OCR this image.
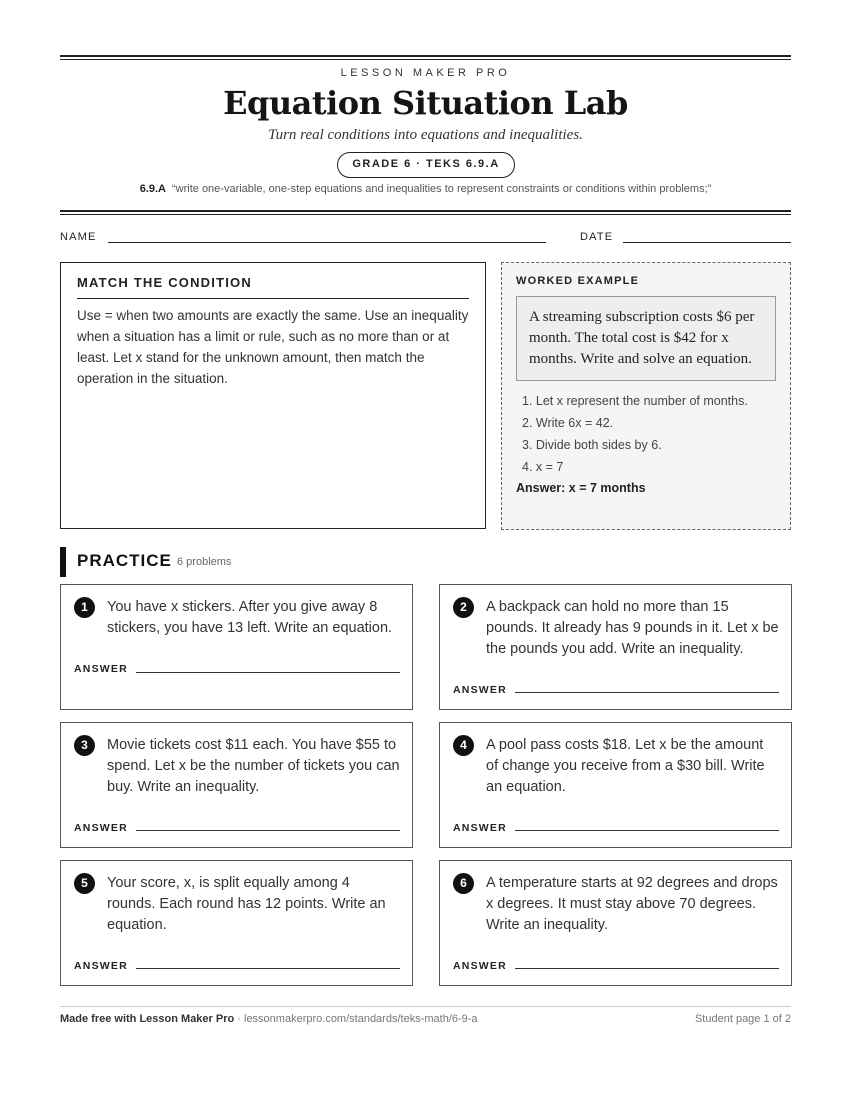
LESSON MAKER PRO
Equation Situation Lab
Turn real conditions into equations and inequalities.
GRADE 6 · TEKS 6.9.A
6.9.A “write one-variable, one-step equations and inequalities to represent constraints or conditions within problems;”
NAME	DATE
MATCH THE CONDITION
Use = when two amounts are exactly the same. Use an inequality when a situation has a limit or rule, such as no more than or at least. Let x stand for the unknown amount, then match the operation in the situation.
WORKED EXAMPLE
A streaming subscription costs $6 per month. The total cost is $42 for x months. Write and solve an equation.
1. Let x represent the number of months.
2. Write 6x = 42.
3. Divide both sides by 6.
4. x = 7
Answer: x = 7 months
PRACTICE 6 problems
1	You have x stickers. After you give away 8 stickers, you have 13 left. Write an equation.
ANSWER
2	A backpack can hold no more than 15 pounds. It already has 9 pounds in it. Let x be the pounds you add. Write an inequality.
ANSWER
3	Movie tickets cost $11 each. You have $55 to spend. Let x be the number of tickets you can buy. Write an inequality.
ANSWER
4	A pool pass costs $18. Let x be the amount of change you receive from a $30 bill. Write an equation.
ANSWER
5	Your score, x, is split equally among 4 rounds. Each round has 12 points. Write an equation.
ANSWER
6	A temperature starts at 92 degrees and drops x degrees. It must stay above 70 degrees. Write an inequality.
ANSWER
Made free with Lesson Maker Pro · lessonmakerpro.com/standards/teks-math/6-9-a	Student page 1 of 2
